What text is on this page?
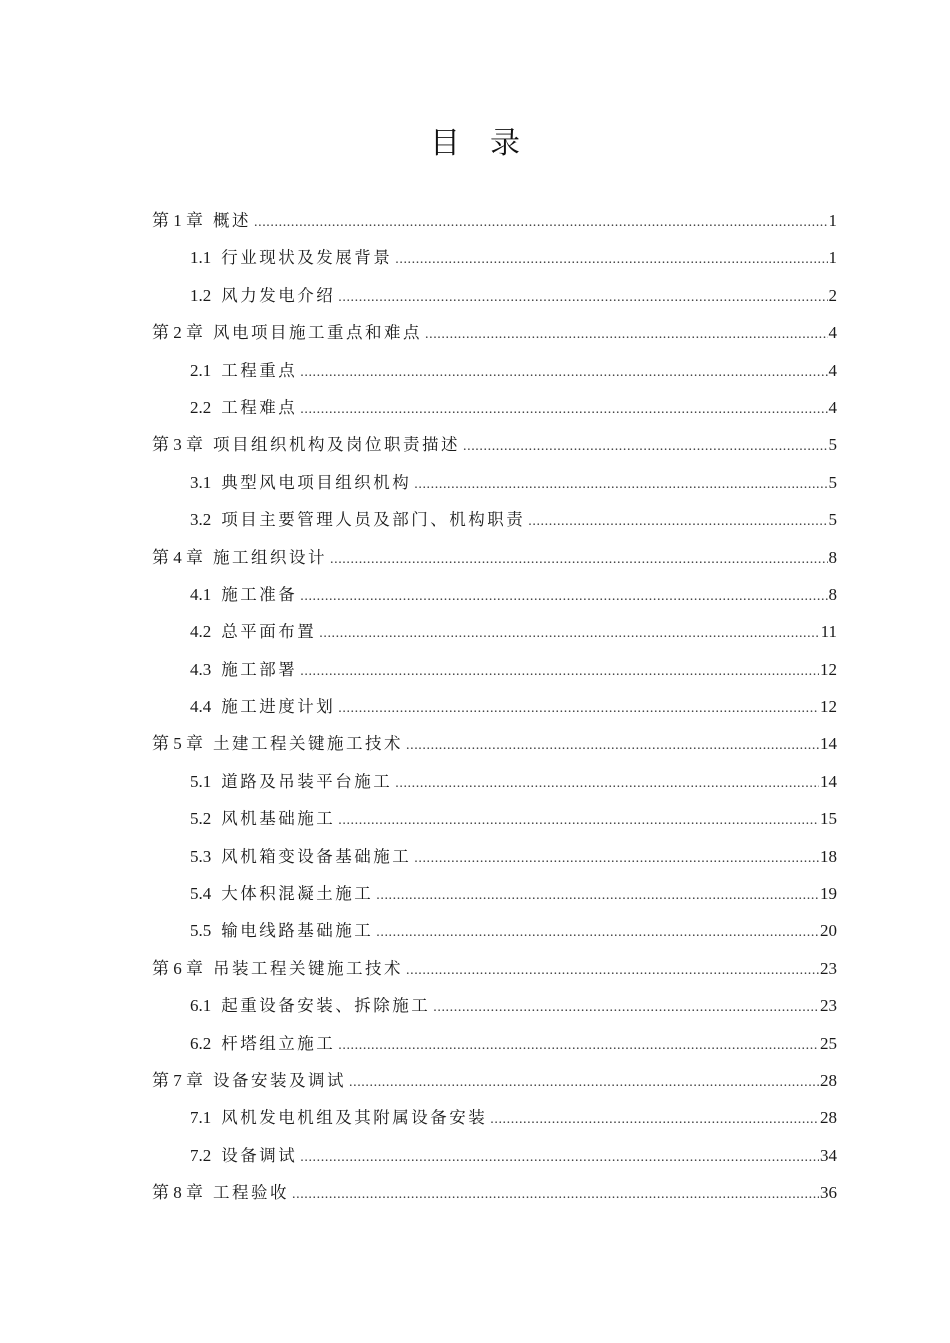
目录
第 1 章 概述 .....	1
1.1 行业现状及发展背景 .....	1
1.2 风力发电介绍 .....	2
第 2 章 风电项目施工重点和难点 .....	4
2.1 工程重点 .....	4
2.2 工程难点 .....	4
第 3 章 项目组织机构及岗位职责描述 .....	5
3.1 典型风电项目组织机构 .....	5
3.2 项目主要管理人员及部门、机构职责 .....	5
第 4 章 施工组织设计 .....	8
4.1 施工准备 .....	8
4.2 总平面布置 .....	11
4.3 施工部署 .....	12
4.4 施工进度计划 .....	12
第 5 章 土建工程关键施工技术 .....	14
5.1 道路及吊装平台施工 .....	14
5.2 风机基础施工 .....	15
5.3 风机箱变设备基础施工 .....	18
5.4 大体积混凝土施工 .....	19
5.5 输电线路基础施工 .....	20
第 6 章 吊装工程关键施工技术 .....	23
6.1 起重设备安装、拆除施工 .....	23
6.2 杆塔组立施工 .....	25
第 7 章 设备安装及调试 .....	28
7.1 风机发电机组及其附属设备安装 .....	28
7.2 设备调试 .....	34
第 8 章 工程验收 .....	36
